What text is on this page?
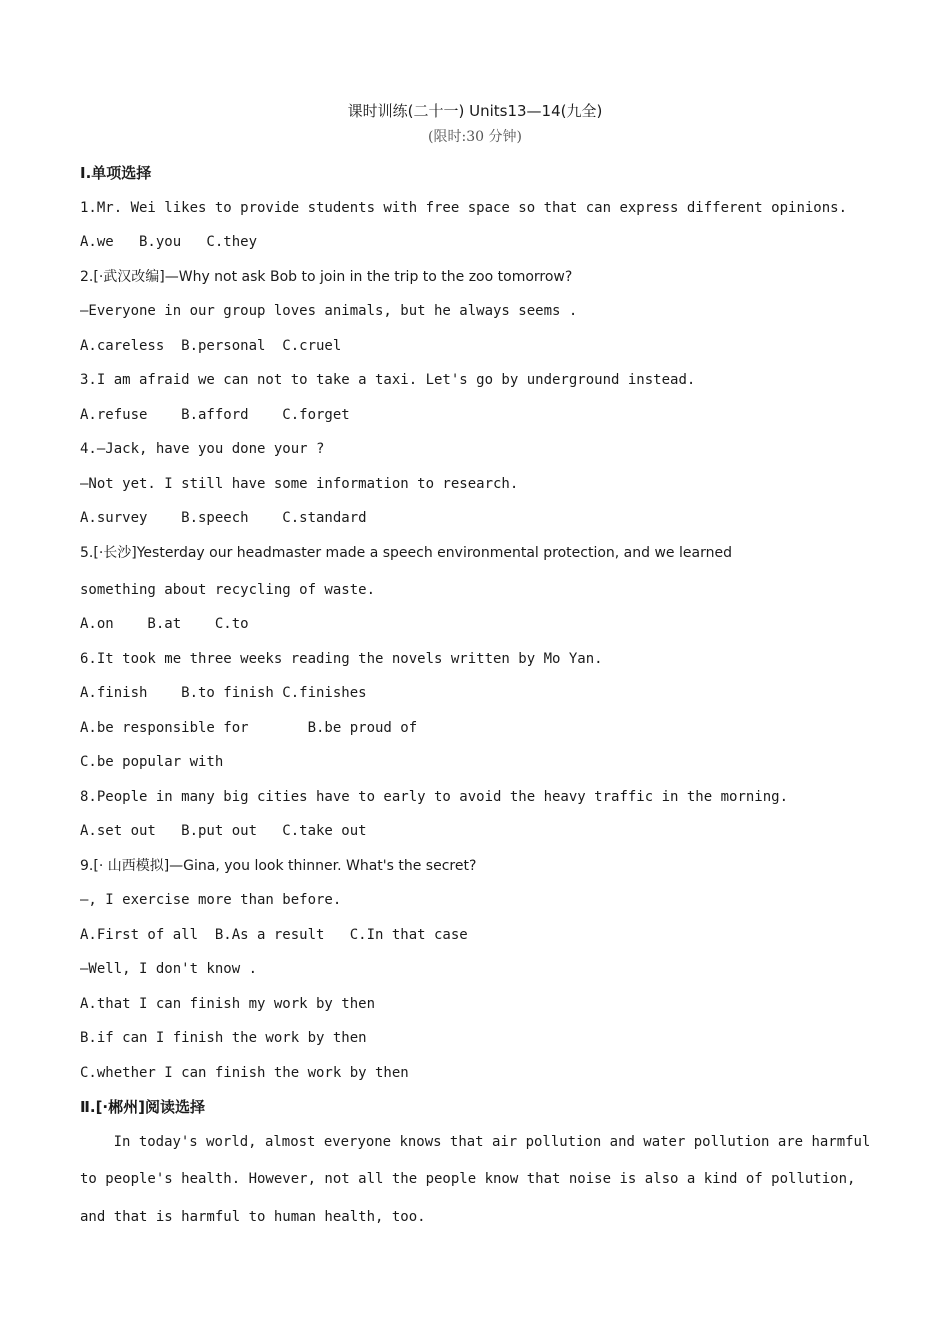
课时训练(二十一) Units13—14(九全)
(限时:30 分钟)
Ⅰ.单项选择
1.Mr. Wei likes to provide students with free space so that can express different opinions.
A.we   B.you   C.they
2.[·武汉改编]—Why not ask Bob to join in the trip to the zoo tomorrow?
—Everyone in our group loves animals, but he always seems .
A.careless  B.personal  C.cruel
3.I am afraid we can not to take a taxi. Let's go by underground instead.
A.refuse    B.afford    C.forget
4.—Jack, have you done your ?
—Not yet. I still have some information to research.
A.survey    B.speech    C.standard
5.[·长沙]Yesterday our headmaster made a speech environmental protection, and we learned
something about recycling of waste.
A.on    B.at    C.to
6.It took me three weeks reading the novels written by Mo Yan.
A.finish    B.to finish C.finishes
A.be responsible for       B.be proud of
C.be popular with
8.People in many big cities have to early to avoid the heavy traffic in the morning.
A.set out   B.put out   C.take out
9.[· 山西模拟]—Gina, you look thinner. What's the secret?
—, I exercise more than before.
A.First of all  B.As a result   C.In that case
—Well, I don't know .
A.that I can finish my work by then
B.if can I finish the work by then
C.whether I can finish the work by then
Ⅱ.[·郴州]阅读选择
In today's world, almost everyone knows that air pollution and water pollution are harmful
to people's health. However, not all the people know that noise is also a kind of pollution,
and that is harmful to human health, too.
